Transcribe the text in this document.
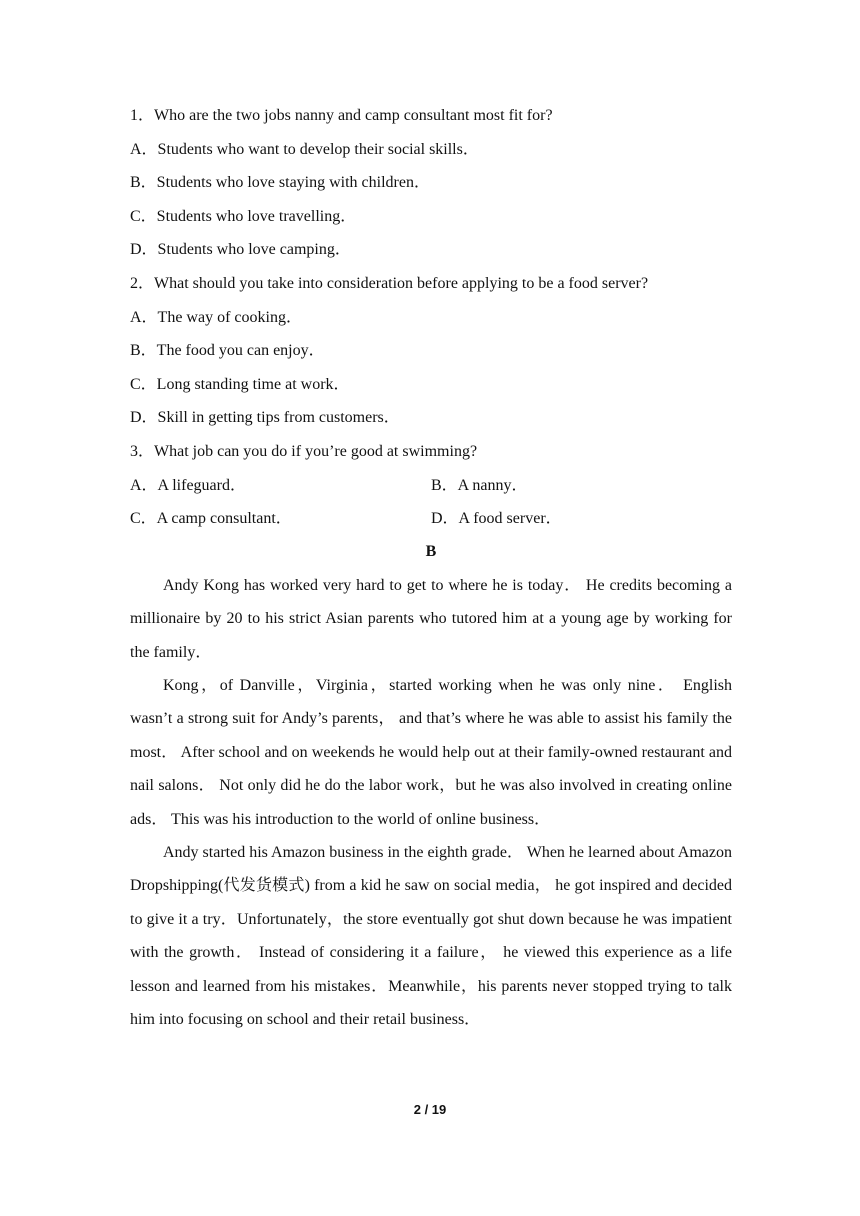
1．Who are the two jobs nanny and camp consultant most fit for?
A．Students who want to develop their social skills．
B．Students who love staying with children．
C．Students who love travelling．
D．Students who love camping．
2．What should you take into consideration before applying to be a food server?
A．The way of cooking．
B．The food you can enjoy．
C．Long standing time at work．
D．Skill in getting tips from customers．
3．What job can you do if you’re good at swimming?
A．A lifeguard．	B．A nanny．
C．A camp consultant．	D．A food server．
B

Andy Kong has worked very hard to get to where he is today． He credits becoming a millionaire by 20 to his strict Asian parents who tutored him at a young age by working for the family．

Kong，of Danville，Virginia，started working when he was only nine． English wasn’t a strong suit for Andy’s parents， and that’s where he was able to assist his family the most． After school and on weekends he would help out at their family-owned restaurant and nail salons． Not only did he do the labor work，but he was also involved in creating online ads． This was his introduction to the world of online business．

Andy started his Amazon business in the eighth grade． When he learned about Amazon Dropshipping(代发货模式) from a kid he saw on social media， he got inspired and decided to give it a try．Unfortunately，the store eventually got shut down because he was impatient with the growth． Instead of considering it a failure， he viewed this experience as a life lesson and learned from his mistakes．Meanwhile，his parents never stopped trying to talk him into focusing on school and their retail business．

2 / 19
